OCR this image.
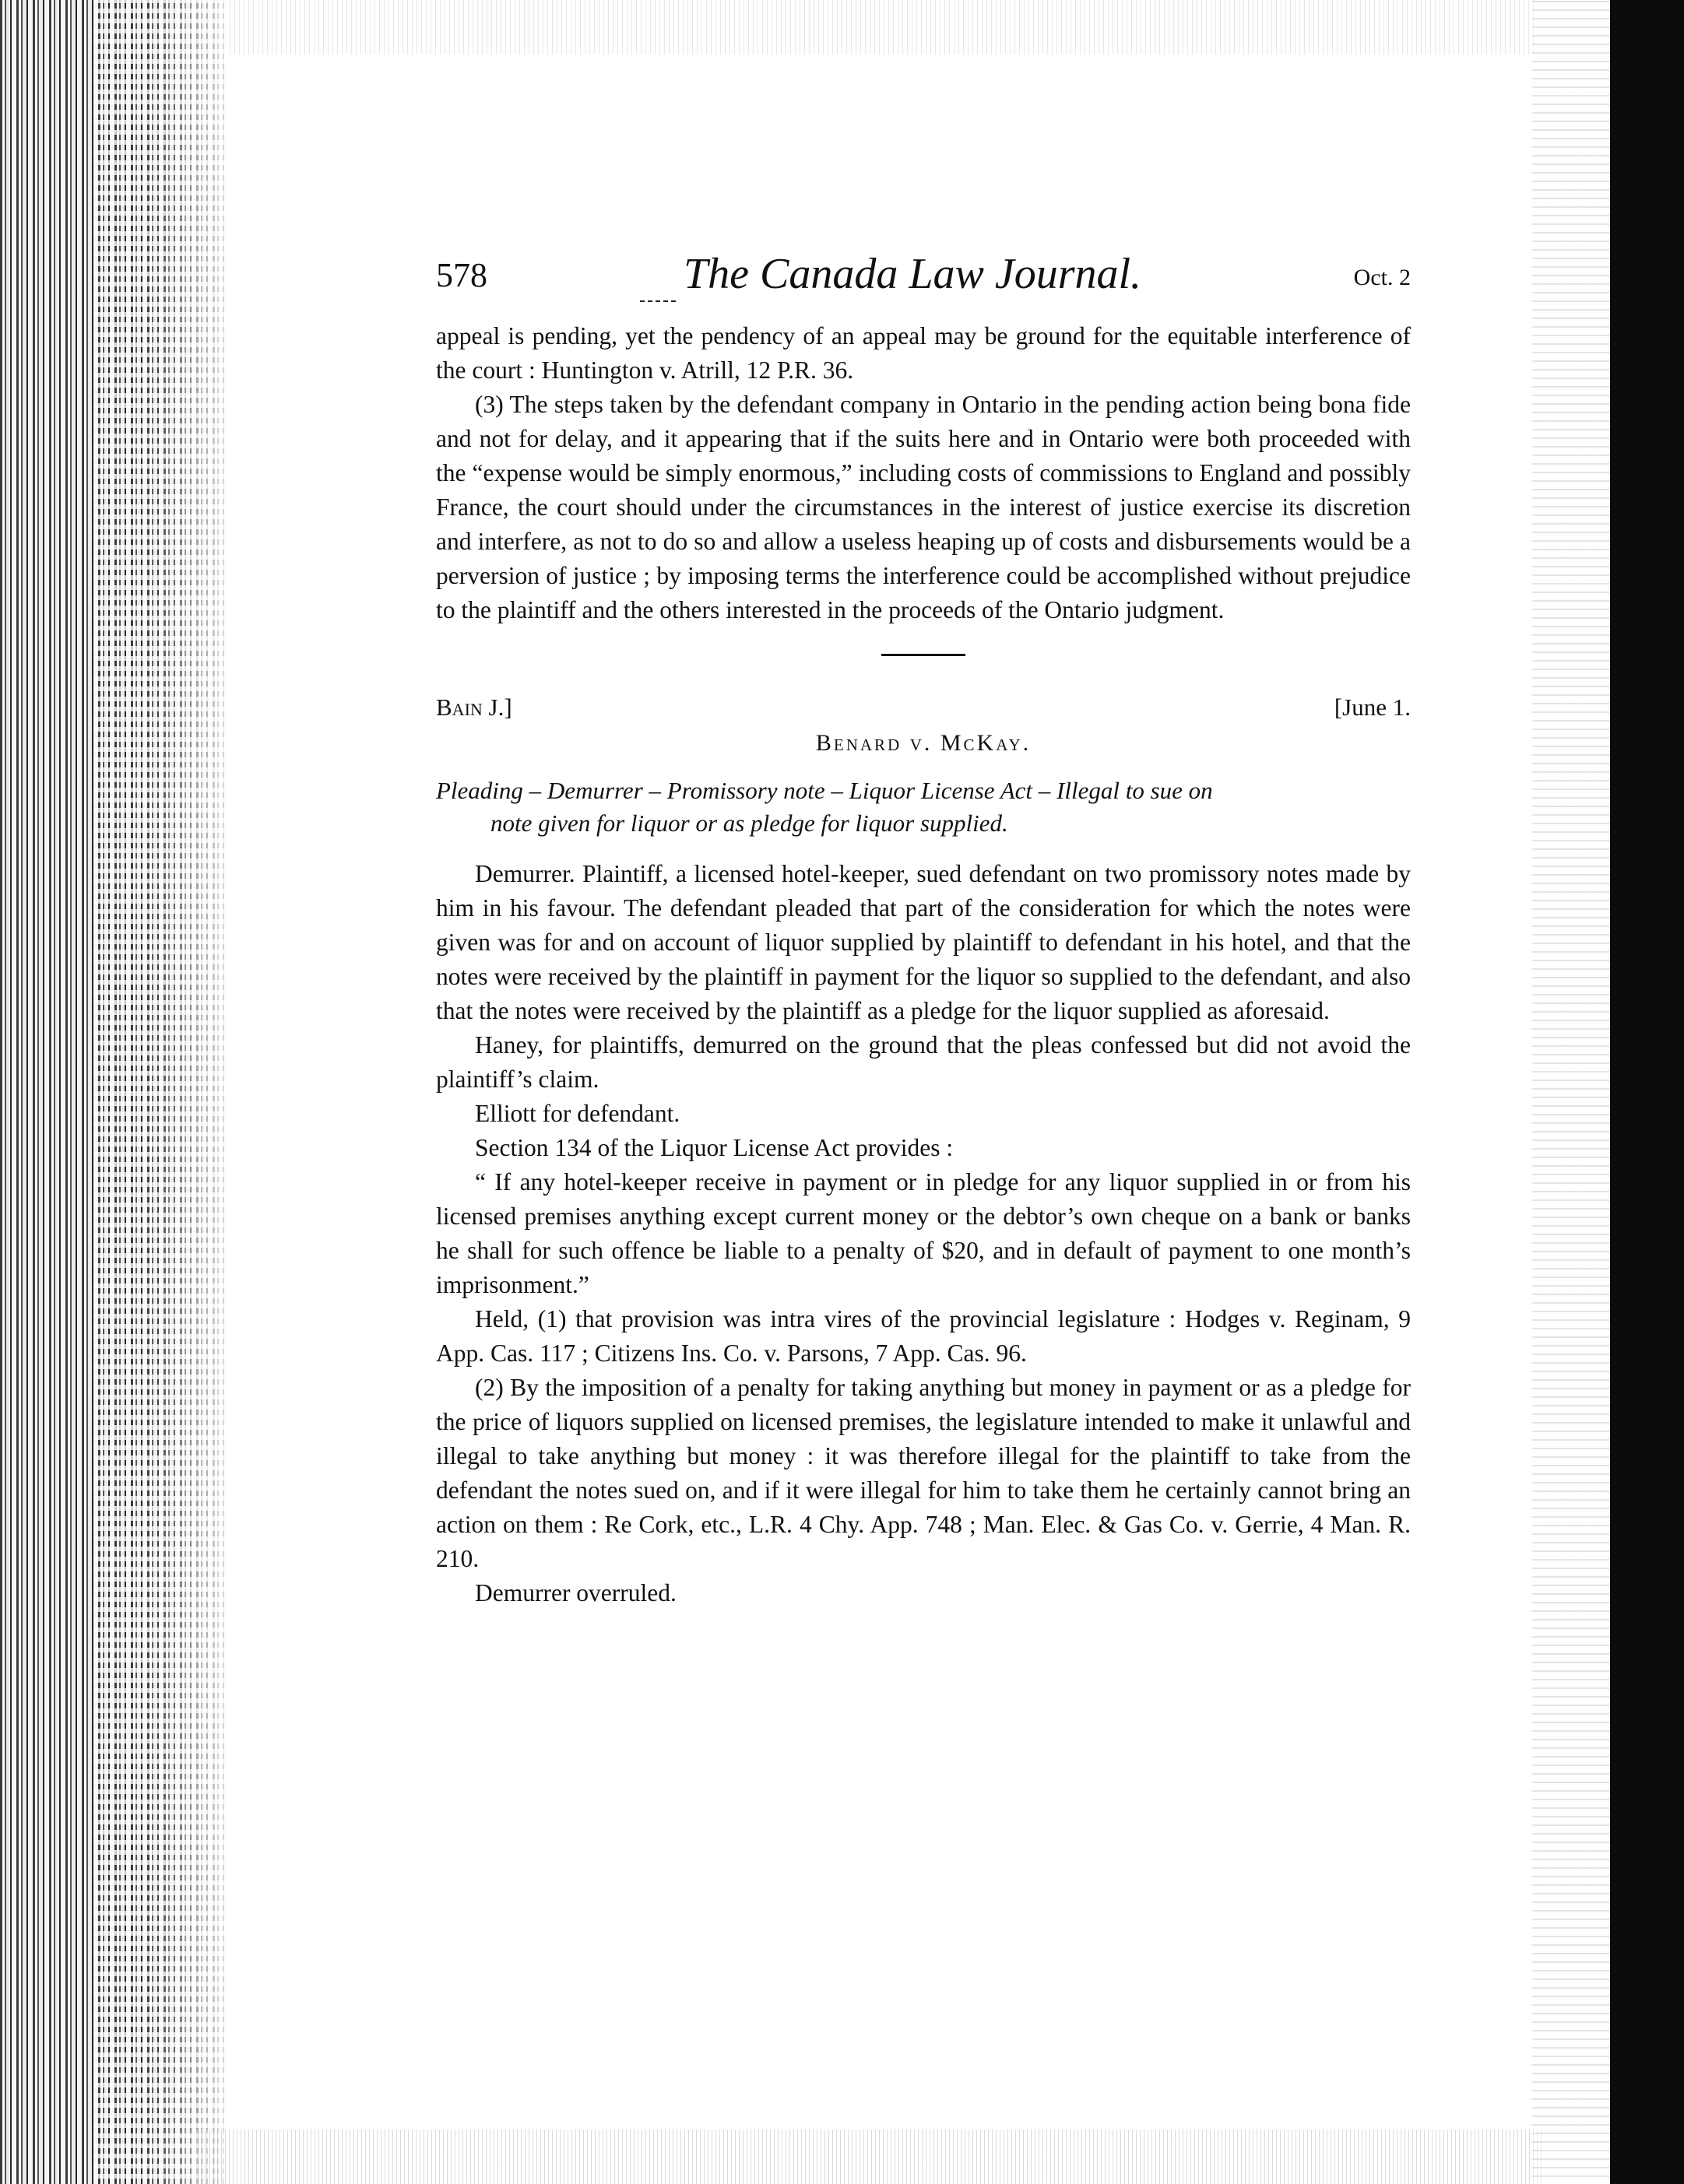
578	The Canada Law Journal.	Oct. 2

appeal is pending, yet the pendency of an appeal may be ground for the equitable interference of the court : Huntington v. Atrill, 12 P.R. 36.

(3) The steps taken by the defendant company in Ontario in the pending action being bona fide and not for delay, and it appearing that if the suits here and in Ontario were both proceeded with the “expense would be simply enormous,” including costs of commissions to England and possibly France, the court should under the circumstances in the interest of justice exercise its discretion and interfere, as not to do so and allow a useless heaping up of costs and disbursements would be a perversion of justice ; by imposing terms the interference could be accomplished without prejudice to the plaintiff and the others interested in the proceeds of the Ontario judgment.

Bain J.]	[June 1.
Benard v. McKay.
Pleading – Demurrer – Promissory note – Liquor License Act – Illegal to sue on
note given for liquor or as pledge for liquor supplied.

Demurrer. Plaintiff, a licensed hotel-keeper, sued defendant on two promissory notes made by him in his favour. The defendant pleaded that part of the consideration for which the notes were given was for and on account of liquor supplied by plaintiff to defendant in his hotel, and that the notes were received by the plaintiff in payment for the liquor so supplied to the defendant, and also that the notes were received by the plaintiff as a pledge for the liquor supplied as aforesaid.

Haney, for plaintiffs, demurred on the ground that the pleas confessed but did not avoid the plaintiff’s claim.

Elliott for defendant.

Section 134 of the Liquor License Act provides :

“ If any hotel-keeper receive in payment or in pledge for any liquor supplied in or from his licensed premises anything except current money or the debtor’s own cheque on a bank or banks he shall for such offence be liable to a penalty of $20, and in default of payment to one month’s imprisonment.”

Held, (1) that provision was intra vires of the provincial legislature : Hodges v. Reginam, 9 App. Cas. 117 ; Citizens Ins. Co. v. Parsons, 7 App. Cas. 96.

(2) By the imposition of a penalty for taking anything but money in payment or as a pledge for the price of liquors supplied on licensed premises, the legislature intended to make it unlawful and illegal to take anything but money : it was therefore illegal for the plaintiff to take from the defendant the notes sued on, and if it were illegal for him to take them he certainly cannot bring an action on them : Re Cork, etc., L.R. 4 Chy. App. 748 ; Man. Elec. & Gas Co. v. Gerrie, 4 Man. R. 210.

Demurrer overruled.
